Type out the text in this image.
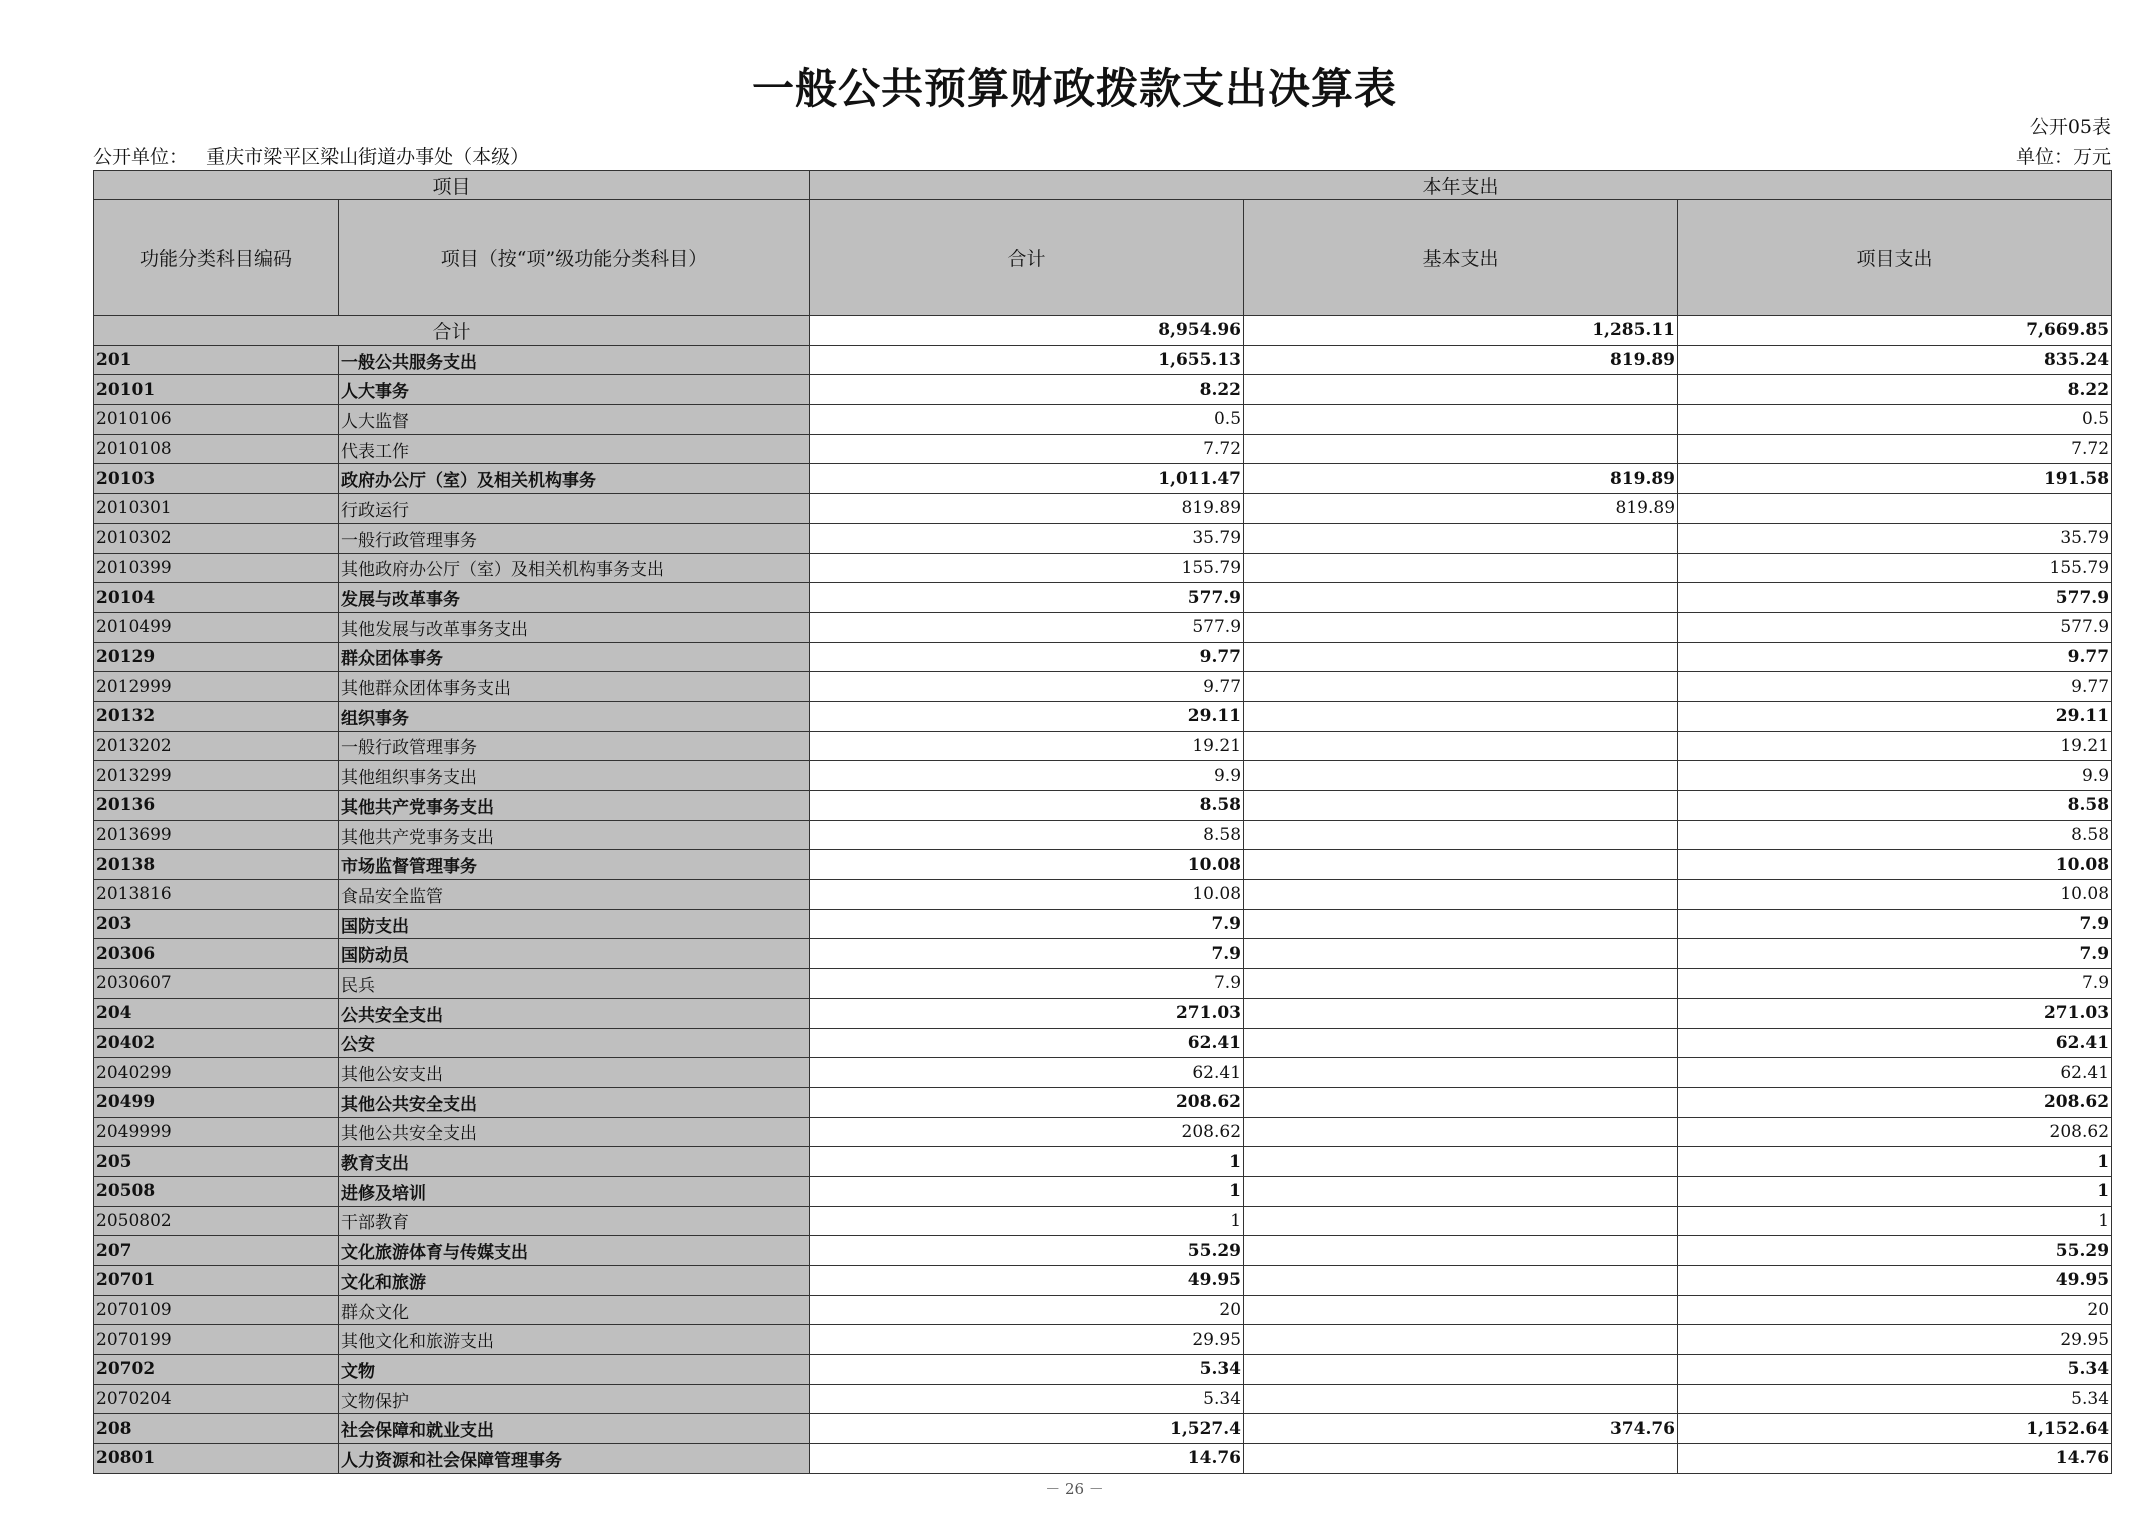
一般公共预算财政拨款支出决算表
公开05表
公开单位： 重庆市梁平区梁山街道办事处（本级）	单位：万元
项目		本年支出		
功能分类科目编码	项目（按“项”级功能分类科目）	合计	基本支出	项目支出
合计		8,954.96	1,285.11	7,669.85
201	一般公共服务支出	1,655.13	819.89	835.24
20101	人大事务	8.22		8.22
2010106	人大监督	0.5		0.5
2010108	代表工作	7.72		7.72
20103	政府办公厅（室）及相关机构事务	1,011.47	819.89	191.58
2010301	行政运行	819.89	819.89	
2010302	一般行政管理事务	35.79		35.79
2010399	其他政府办公厅（室）及相关机构事务支出	155.79		155.79
20104	发展与改革事务	577.9		577.9
2010499	其他发展与改革事务支出	577.9		577.9
20129	群众团体事务	9.77		9.77
2012999	其他群众团体事务支出	9.77		9.77
20132	组织事务	29.11		29.11
2013202	一般行政管理事务	19.21		19.21
2013299	其他组织事务支出	9.9		9.9
20136	其他共产党事务支出	8.58		8.58
2013699	其他共产党事务支出	8.58		8.58
20138	市场监督管理事务	10.08		10.08
2013816	食品安全监管	10.08		10.08
203	国防支出	7.9		7.9
20306	国防动员	7.9		7.9
2030607	民兵	7.9		7.9
204	公共安全支出	271.03		271.03
20402	公安	62.41		62.41
2040299	其他公安支出	62.41		62.41
20499	其他公共安全支出	208.62		208.62
2049999	其他公共安全支出	208.62		208.62
205	教育支出	1		1
20508	进修及培训	1		1
2050802	干部教育	1		1
207	文化旅游体育与传媒支出	55.29		55.29
20701	文化和旅游	49.95		49.95
2070109	群众文化	20		20
2070199	其他文化和旅游支出	29.95		29.95
20702	文物	5.34		5.34
2070204	文物保护	5.34		5.34
208	社会保障和就业支出	1,527.4	374.76	1,152.64
20801	人力资源和社会保障管理事务	14.76		14.76
－ 26 －
